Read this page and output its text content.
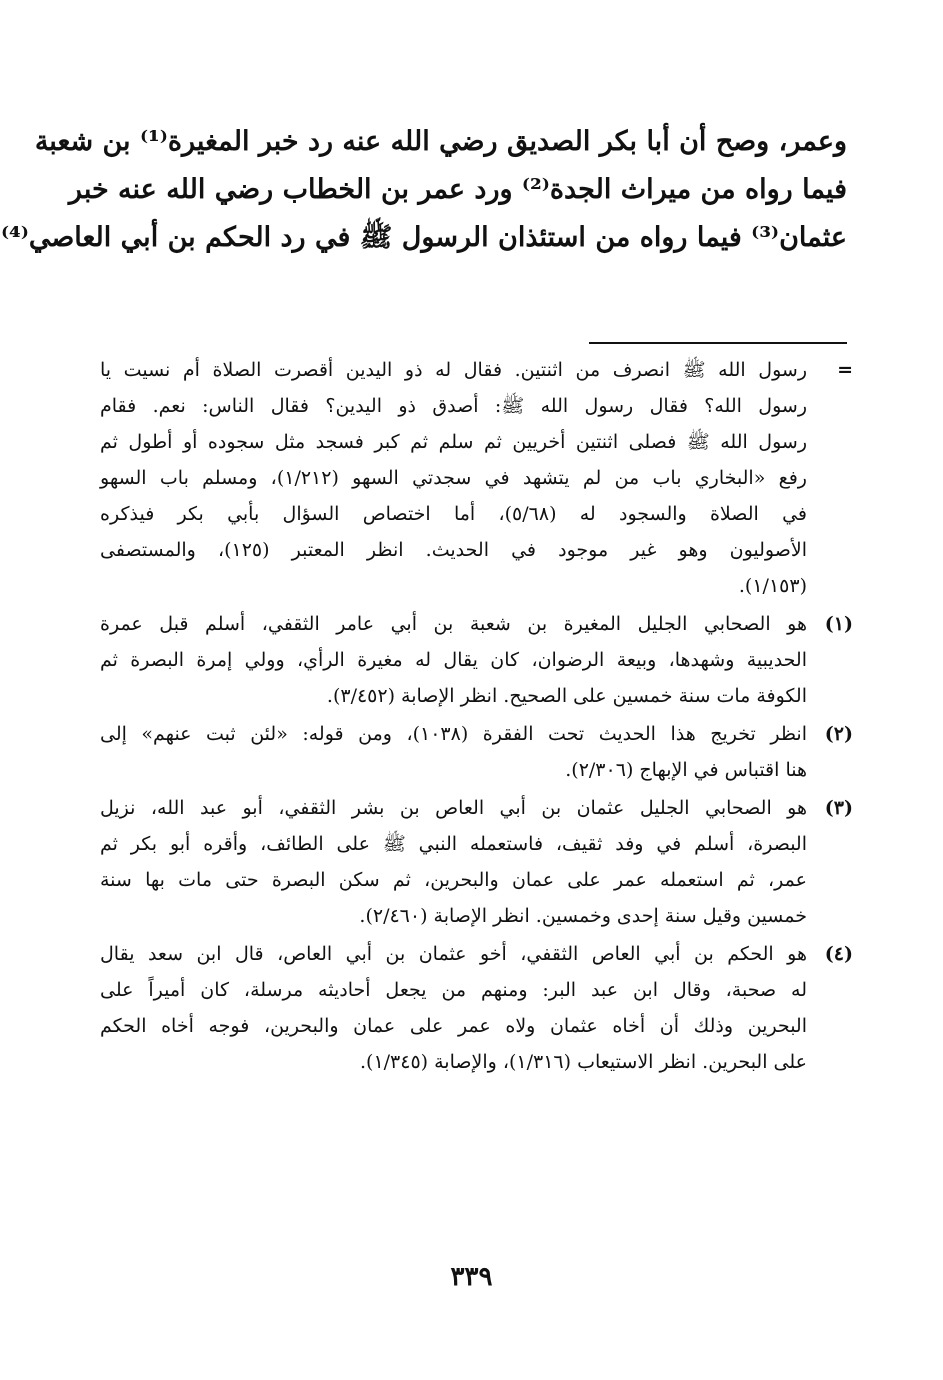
وعمر، وصح أن أبا بكر الصديق رضي الله عنه رد خبر المغيرة⁽¹⁾ بن شعبة
فيما رواه من ميراث الجدة⁽²⁾ ورد عمر بن الخطاب رضي الله عنه خبر
عثمان⁽³⁾ فيما رواه من استئذان الرسول ﷺ في رد الحكم بن أبي العاصي⁽⁴⁾
=
رسول الله ﷺ انصرف من اثنتين. فقال له ذو اليدين أقصرت الصلاة أم نسيت يا
رسول الله؟ فقال رسول الله ﷺ: أصدق ذو اليدين؟ فقال الناس: نعم. فقام
رسول الله ﷺ فصلى اثنتين أخريين ثم سلم ثم كبر فسجد مثل سجوده أو أطول ثم
رفع «البخاري باب من لم يتشهد في سجدتي السهو (١/٢١٢)، ومسلم باب السهو
في الصلاة والسجود له (٥/٦٨)، أما اختصاص السؤال بأبي بكر فيذكره
الأصوليون وهو غير موجود في الحديث. انظر المعتبر (١٢٥)، والمستصفى
(١/١٥٣).
(١)
هو الصحابي الجليل المغيرة بن شعبة بن أبي عامر الثقفي، أسلم قبل عمرة
الحديبية وشهدها، وبيعة الرضوان، كان يقال له مغيرة الرأي، وولي إمرة البصرة ثم
الكوفة مات سنة خمسين على الصحيح. انظر الإصابة (٣/٤٥٢).
(٢)
انظر تخريج هذا الحديث تحت الفقرة (١٠٣٨)، ومن قوله: «لئن ثبت عنهم» إلى
هنا اقتباس في الإبهاج (٢/٣٠٦).
(٣)
هو الصحابي الجليل عثمان بن أبي العاص بن بشر الثقفي، أبو عبد الله، نزيل
البصرة، أسلم في وفد ثقيف، فاستعمله النبي ﷺ على الطائف، وأقره أبو بكر ثم
عمر، ثم استعمله عمر على عمان والبحرين، ثم سكن البصرة حتى مات بها سنة
خمسين وقيل سنة إحدى وخمسين. انظر الإصابة (٢/٤٦٠).
(٤)
هو الحكم بن أبي العاص الثقفي، أخو عثمان بن أبي العاص، قال ابن سعد يقال
له صحبة، وقال ابن عبد البر: ومنهم من يجعل أحاديثه مرسلة، كان أميراً على
البحرين وذلك أن أخاه عثمان ولاه عمر على عمان والبحرين، فوجه أخاه الحكم
على البحرين. انظر الاستيعاب (١/٣١٦)، والإصابة (١/٣٤٥).
٣٣٩
